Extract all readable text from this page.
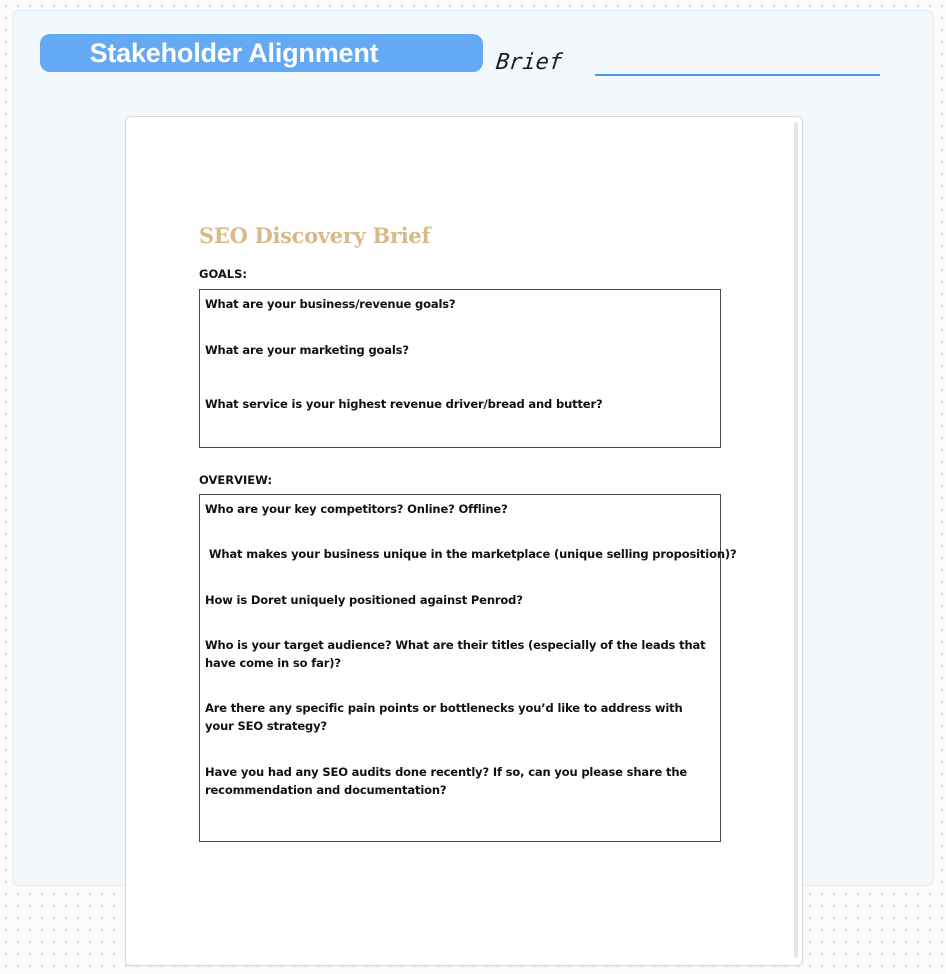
Stakeholder Alignment	Brief
SEO Discovery Brief
GOALS:
What are your business/revenue goals?
What are your marketing goals?
What service is your highest revenue driver/bread and butter?
OVERVIEW:
Who are your key competitors? Online? Offline?
What makes your business unique in the marketplace (unique selling proposition)?
How is Doret uniquely positioned against Penrod?
Who is your target audience? What are their titles (especially of the leads that have come in so far)?
Are there any specific pain points or bottlenecks you’d like to address with your SEO strategy?
Have you had any SEO audits done recently? If so, can you please share the recommendation and documentation?
